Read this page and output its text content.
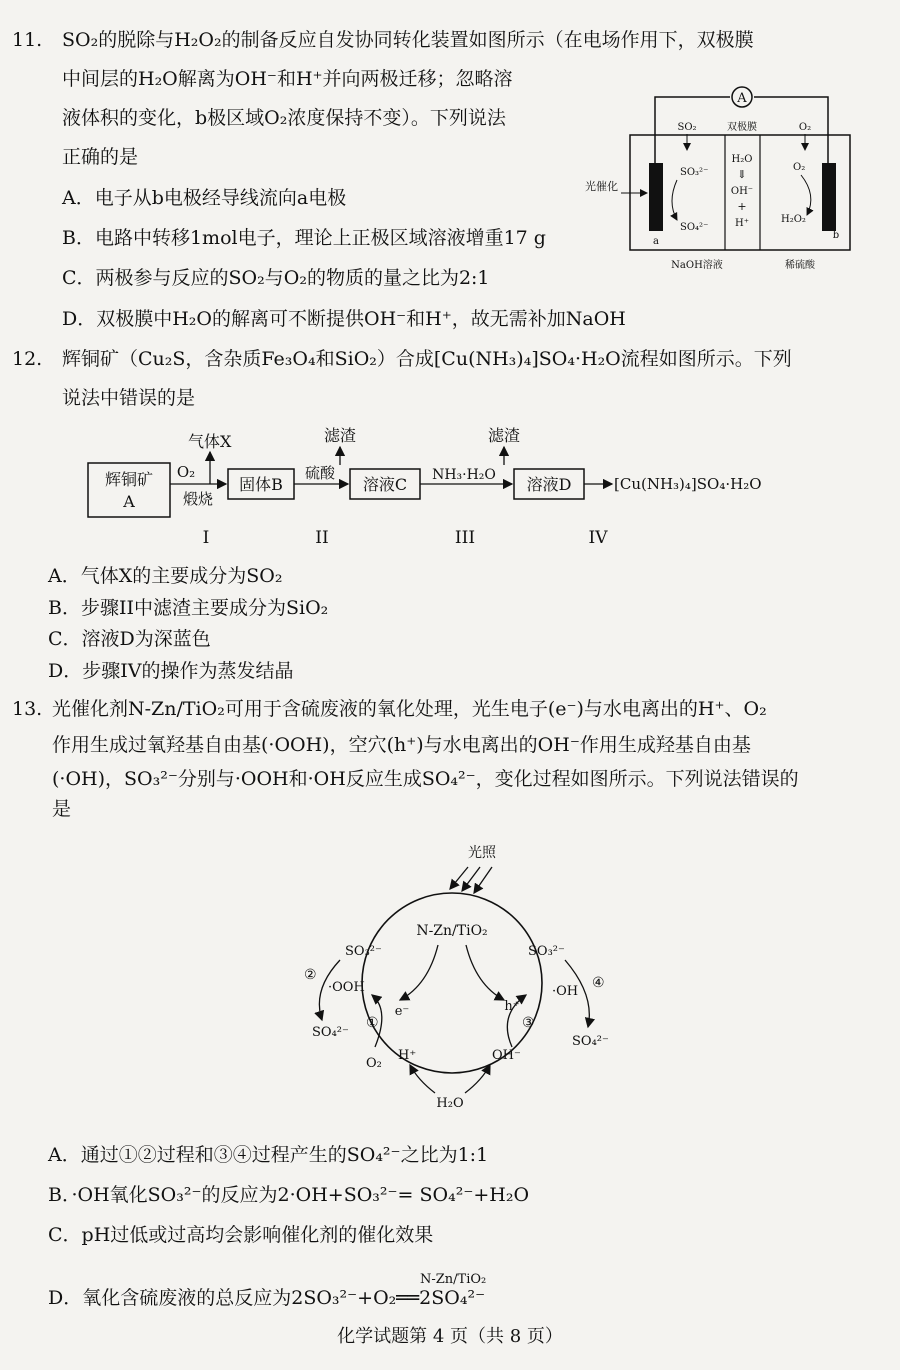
11. SO₂的脱除与H₂O₂的制备反应自发协同转化装置如图所示（在电场作用下，双极膜
中间层的H₂O解离为OH⁻和H⁺并向两极迁移；忽略溶
液体积的变化，b极区域O₂浓度保持不变）。下列说法
正确的是
A．电子从b电极经导线流向a电极
B．电路中转移1mol电子，理论上正极区域溶液增重17 g
C．两极参与反应的SO₂与O₂的物质的量之比为2:1
D．双极膜中H₂O的解离可不断提供OH⁻和H⁺，故无需补加NaOH
A
SO₂	双极膜	O₂
光催化
SO₃²⁻
SO₄²⁻
H₂O
⇓
OH⁻
+
H⁺
O₂
H₂O₂
a
b
NaOH溶液	稀硫酸
12. 辉铜矿（Cu₂S，含杂质Fe₃O₄和SiO₂）合成[Cu(NH₃)₄]SO₄·H₂O流程如图所示。下列
说法中错误的是
辉铜矿
A
O₂
煅烧
气体X
固体B
硫酸
滤渣
溶液C NH₃·H₂O
滤渣
溶液D	[Cu(NH₃)₄]SO₄·H₂O
I	II	III	IV
A．气体X的主要成分为SO₂
B．步骤II中滤渣主要成分为SiO₂
C．溶液D为深蓝色
D．步骤IV的操作为蒸发结晶
13. 光催化剂N-Zn/TiO₂可用于含硫废液的氧化处理，光生电子(e⁻)与水电离出的H⁺、O₂
作用生成过氧羟基自由基(·OOH)，空穴(h⁺)与水电离出的OH⁻作用生成羟基自由基
(·OH)，SO₃²⁻分别与·OOH和·OH反应生成SO₄²⁻，变化过程如图所示。下列说法错误的
是
光照
N-Zn/TiO₂
e⁻	h⁺
SO₃²⁻
②
·OOH
SO₄²⁻
①
O₂
H⁺
SO₃²⁻
④
·OH
SO₄²⁻
③
OH⁻
H₂O
A．通过①②过程和③④过程产生的SO₄²⁻之比为1:1
B．·OH氧化SO₃²⁻的反应为2·OH+SO₃²⁻= SO₄²⁻+H₂O
C．pH过低或过高均会影响催化剂的催化效果
N-Zn/TiO₂
D．氧化含硫废液的总反应为2SO₃²⁻+O₂══2SO₄²⁻
化学试题第 4 页（共 8 页）
